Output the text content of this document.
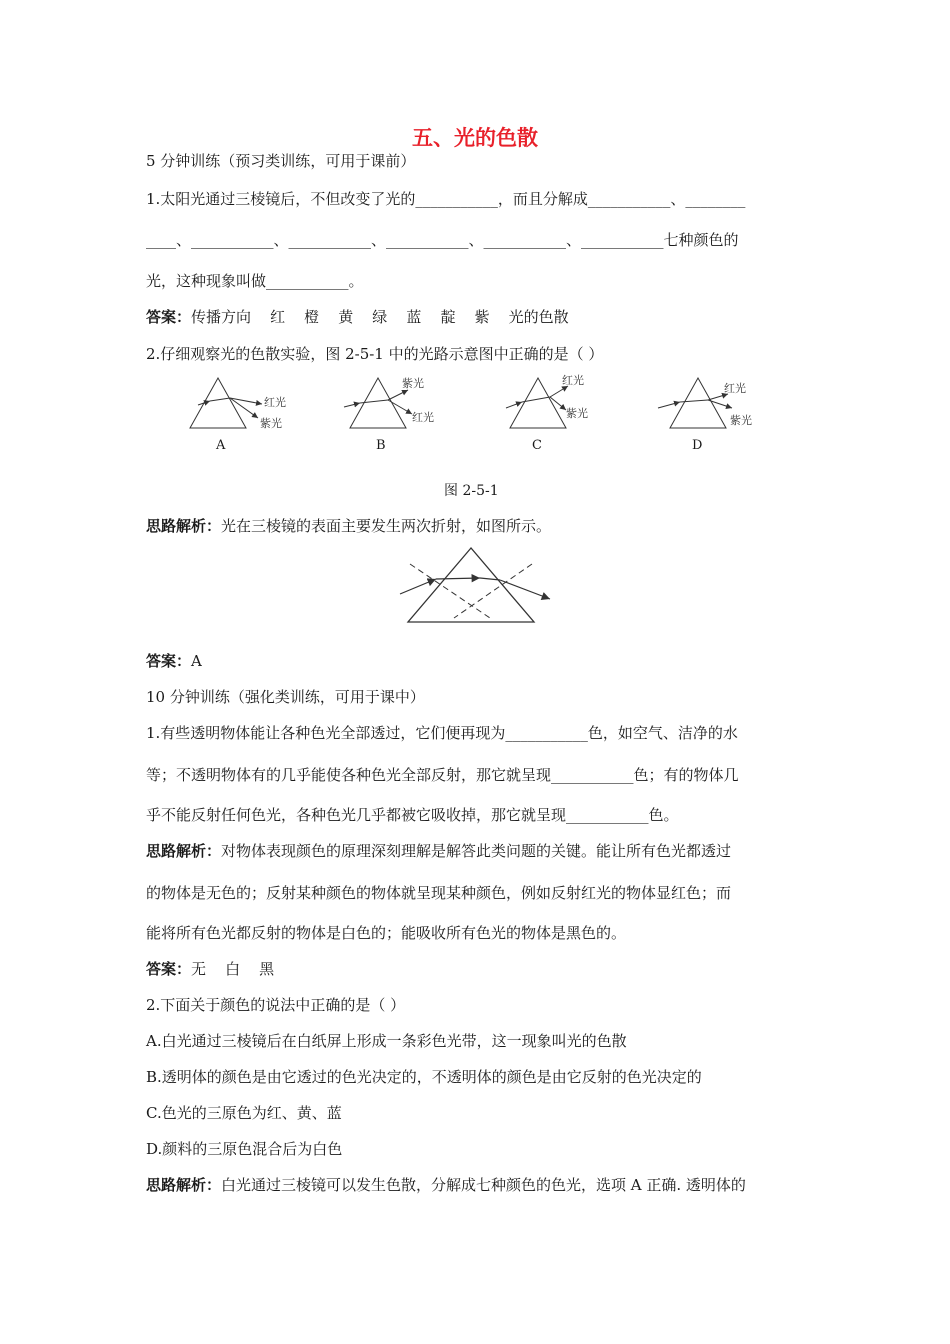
五、光的色散
5 分钟训练（预习类训练，可用于课前）
1.太阳光通过三棱镜后，不但改变了光的___________，而且分解成___________、________
____、___________、___________、___________、___________、___________七种颜色的
光，这种现象叫做___________。
答案：传播方向    红    橙    黄    绿    蓝    靛    紫    光的色散
2.仔细观察光的色散实验，图 2-5-1 中的光路示意图中正确的是（ ）
红光
紫光
紫光
红光
红光
紫光
红光
紫光
A	B	C	D
图 2-5-1
思路解析：光在三棱镜的表面主要发生两次折射，如图所示。
答案：A
10 分钟训练（强化类训练，可用于课中）
1.有些透明物体能让各种色光全部透过，它们便再现为___________色，如空气、洁净的水
等；不透明物体有的几乎能使各种色光全部反射，那它就呈现___________色；有的物体几
乎不能反射任何色光，各种色光几乎都被它吸收掉，那它就呈现___________色。
思路解析：对物体表现颜色的原理深刻理解是解答此类问题的关键。能让所有色光都透过
的物体是无色的；反射某种颜色的物体就呈现某种颜色，例如反射红光的物体显红色；而
能将所有色光都反射的物体是白色的；能吸收所有色光的物体是黑色的。
答案：无    白    黑
2.下面关于颜色的说法中正确的是（ ）
A.白光通过三棱镜后在白纸屏上形成一条彩色光带，这一现象叫光的色散
B.透明体的颜色是由它透过的色光决定的，不透明体的颜色是由它反射的色光决定的
C.色光的三原色为红、黄、蓝
D.颜料的三原色混合后为白色
思路解析：白光通过三棱镜可以发生色散，分解成七种颜色的色光，选项 A 正确. 透明体的
